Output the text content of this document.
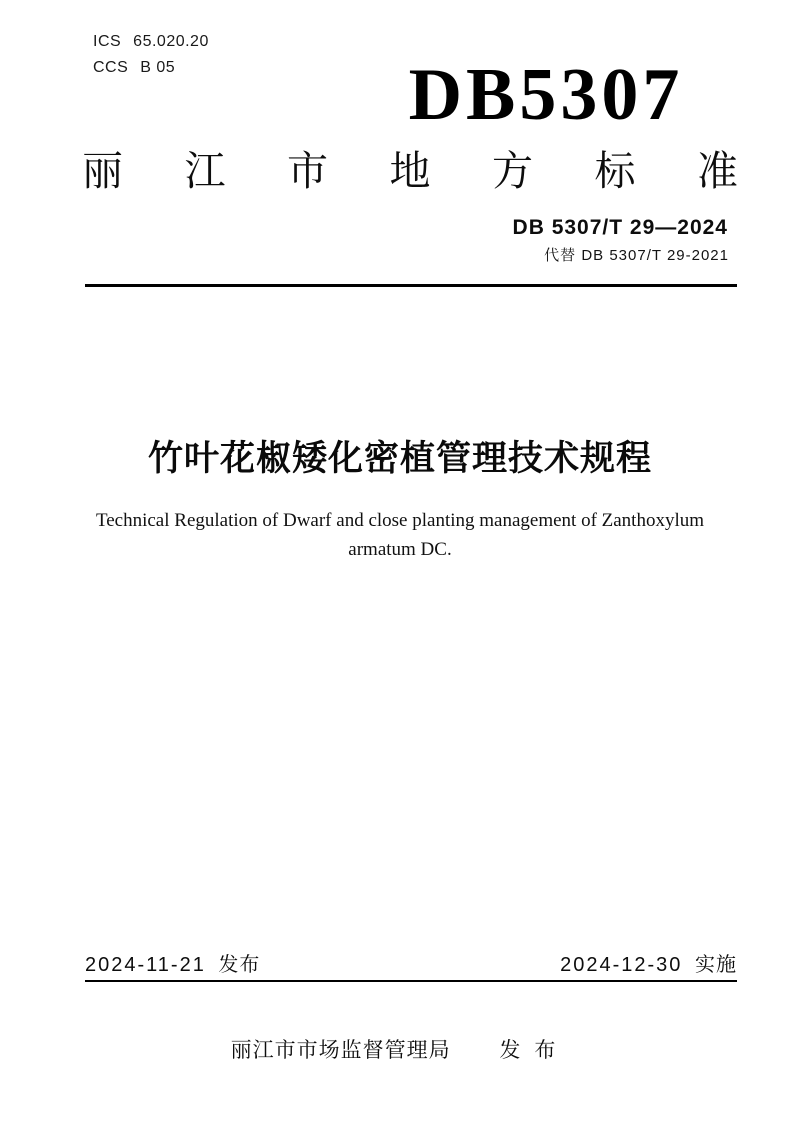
ICS 65.020.20
CCS B 05	DB5307
丽 江 市 地 方 标 准
DB 5307/T 29—2024
代替 DB 5307/T 29-2021
竹叶花椒矮化密植管理技术规程
Technical Regulation of Dwarf and close planting management of Zanthoxylum
armatum DC.
2024-11-21 发布	2024-12-30 实施
丽江市市场监督管理局 发布
